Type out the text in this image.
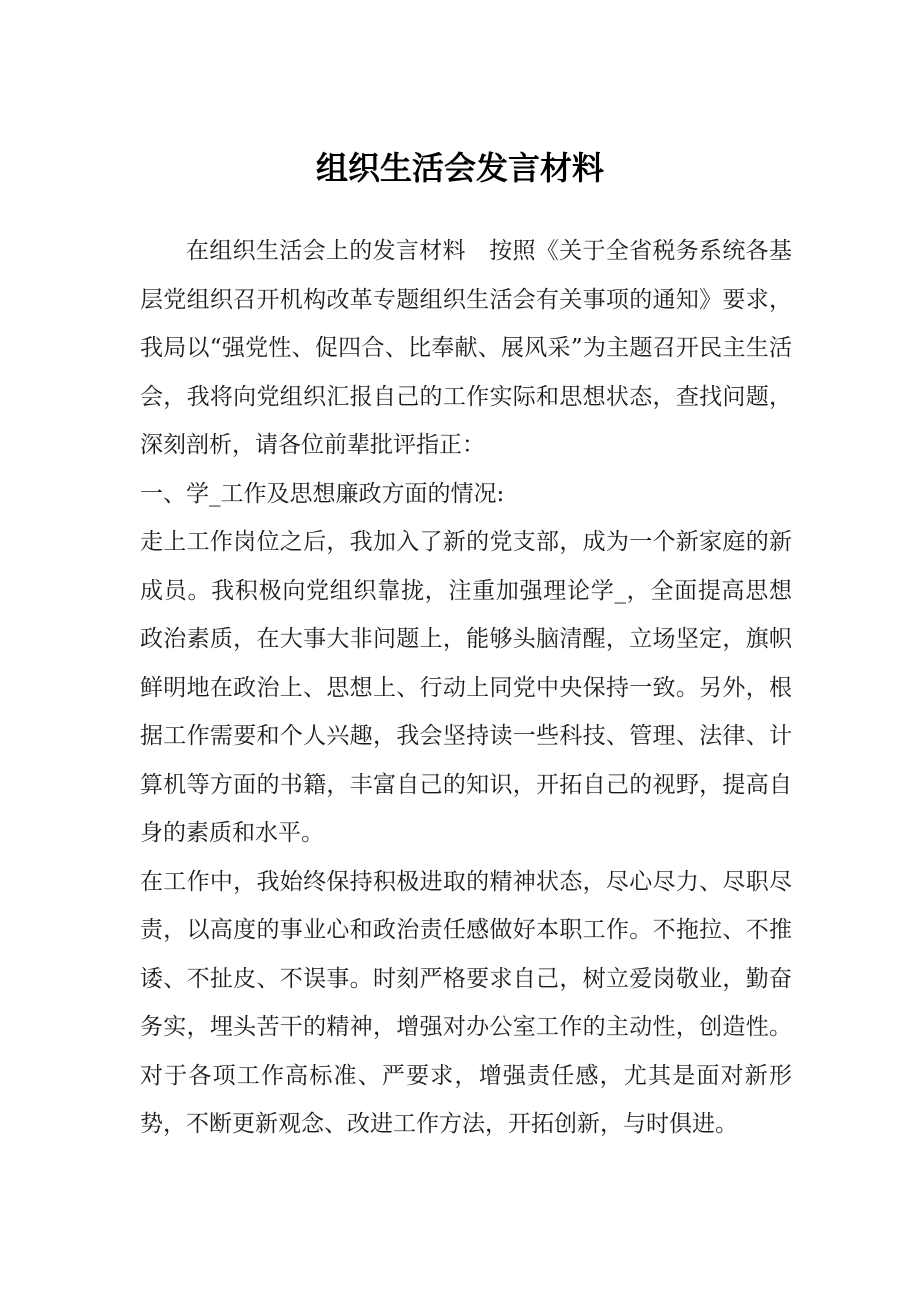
组织生活会发言材料

在组织生活会上的发言材料　按照《关于全省税务系统各基层党组织召开机构改革专题组织生活会有关事项的通知》要求，我局以“强党性、促四合、比奉献、展风采”为主题召开民主生活会，我将向党组织汇报自己的工作实际和思想状态，查找问题，深刻剖析，请各位前辈批评指正：

一、学_工作及思想廉政方面的情况:

走上工作岗位之后，我加入了新的党支部，成为一个新家庭的新成员。我积极向党组织靠拢，注重加强理论学_，全面提高思想政治素质，在大事大非问题上，能够头脑清醒，立场坚定，旗帜鲜明地在政治上、思想上、行动上同党中央保持一致。另外，根据工作需要和个人兴趣，我会坚持读一些科技、管理、法律、计算机等方面的书籍，丰富自己的知识，开拓自己的视野，提高自身的素质和水平。

在工作中，我始终保持积极进取的精神状态，尽心尽力、尽职尽责，以高度的事业心和政治责任感做好本职工作。不拖拉、不推诿、不扯皮、不误事。时刻严格要求自己，树立爱岗敬业，勤奋务实，埋头苦干的精神，增强对办公室工作的主动性，创造性。对于各项工作高标准、严要求，增强责任感，尤其是面对新形势，不断更新观念、改进工作方法，开拓创新，与时俱进。
